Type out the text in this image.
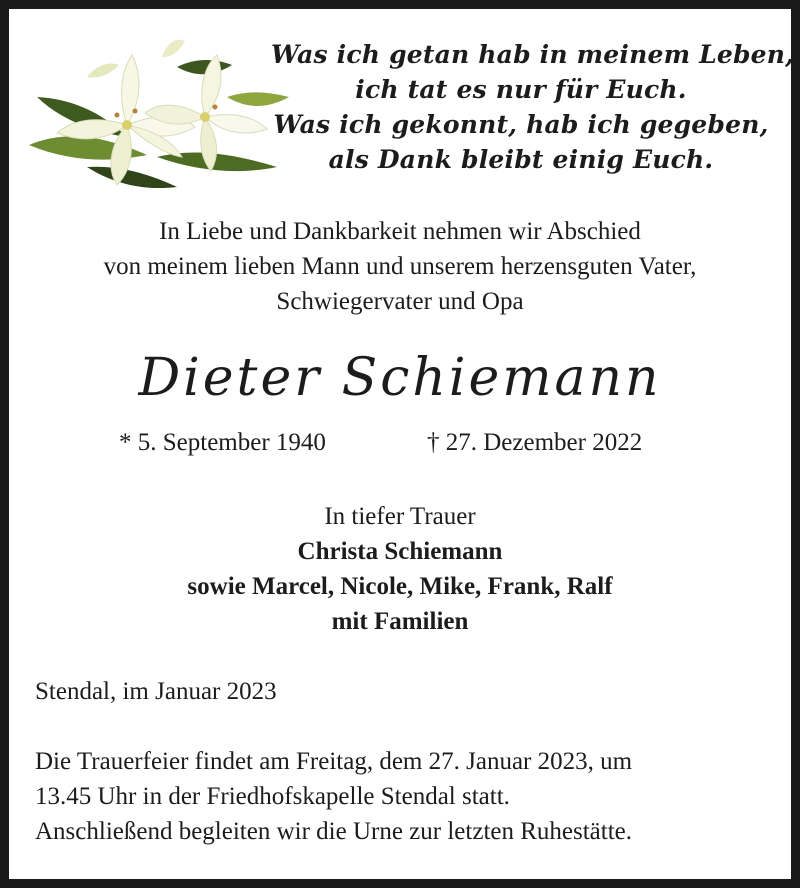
Was ich getan hab in meinem Leben,
ich tat es nur für Euch.
Was ich gekonnt, hab ich gegeben,
als Dank bleibt einig Euch.
In Liebe und Dankbarkeit nehmen wir Abschied
von meinem lieben Mann und unserem herzensguten Vater,
Schwiegervater und Opa
Dieter Schiemann
* 5. September 1940	† 27. Dezember 2022
In tiefer Trauer
Christa Schiemann
sowie Marcel, Nicole, Mike, Frank, Ralf
mit Familien
Stendal, im Januar 2023
Die Trauerfeier findet am Freitag, dem 27. Januar 2023, um
13.45 Uhr in der Friedhofskapelle Stendal statt.
Anschließend begleiten wir die Urne zur letzten Ruhestätte.
